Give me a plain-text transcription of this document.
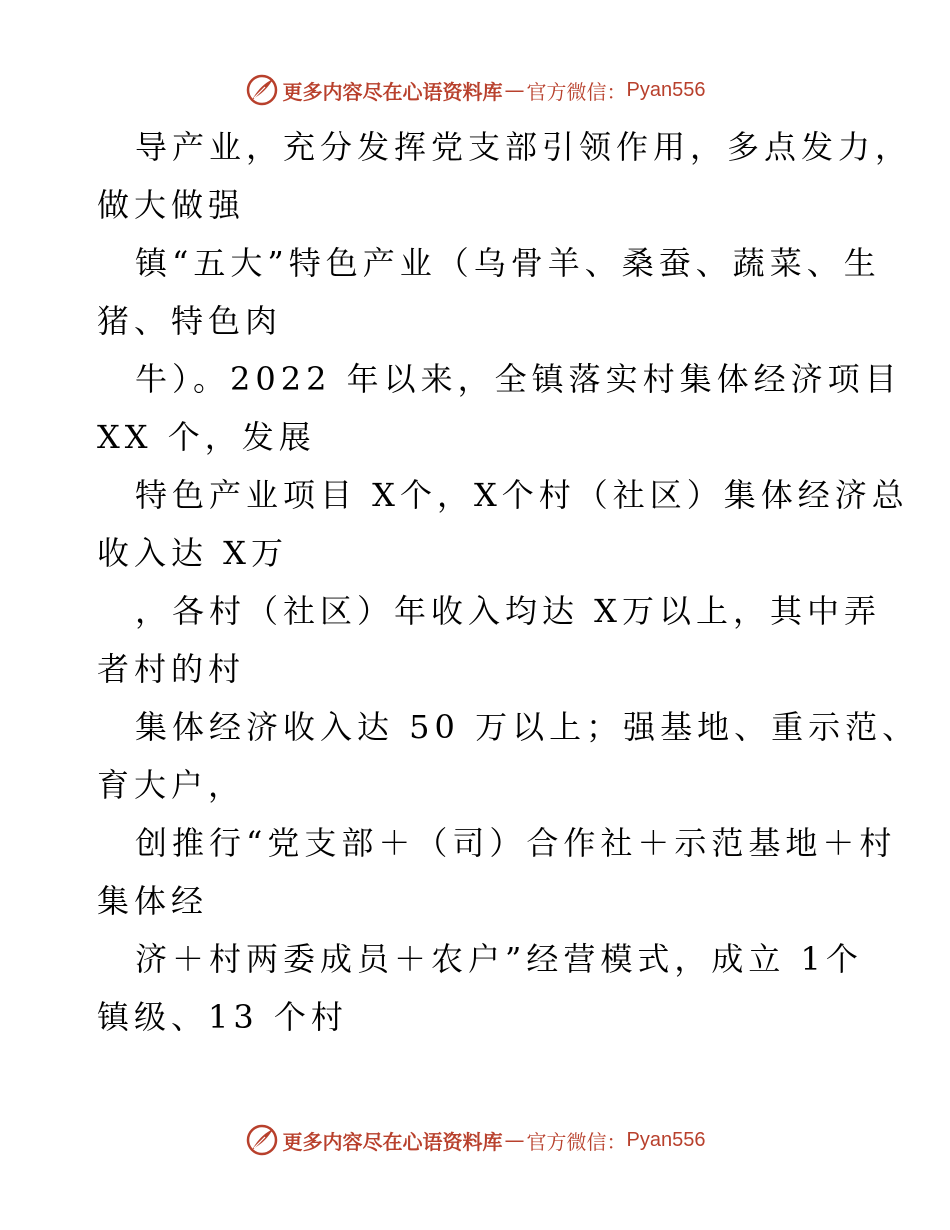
更多内容尽在心语资料库 — 官方微信： Pyan556
导产业，充分发挥党支部引领作用，多点发力，
做大做强
镇“五大”特色产业（乌骨羊、桑蚕、蔬菜、生
猪、特色肉
牛）。2022 年以来，全镇落实村集体经济项目
XX 个，发展
特色产业项目 X个，X个村（社区）集体经济总
收入达 X万
，各村（社区）年收入均达 X万以上，其中弄
者村的村
集体经济收入达 50 万以上；强基地、重示范、
育大户，
创推行“党支部＋（司）合作社＋示范基地＋村
集体经
济＋村两委成员＋农户”经营模式，成立 1个
镇级、13 个村
更多内容尽在心语资料库 — 官方微信： Pyan556
